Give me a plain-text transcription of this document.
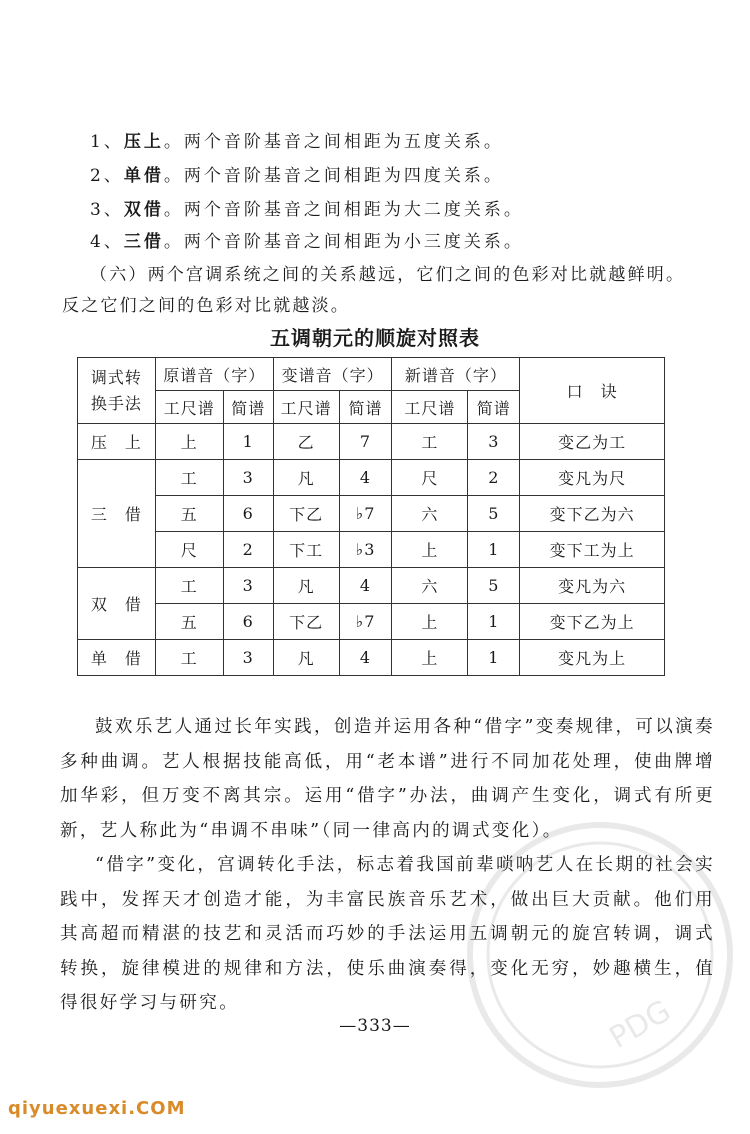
1、压上。两个音阶基音之间相距为五度关系。
2、单借。两个音阶基音之间相距为四度关系。
3、双借。两个音阶基音之间相距为大二度关系。
4、三借。两个音阶基音之间相距为小三度关系。
（六）两个宫调系统之间的关系越远，它们之间的色彩对比就越鲜明。
反之它们之间的色彩对比就越淡。
五调朝元的顺旋对照表
调式转换手法	原谱音（字）		变谱音（字）		新谱音（字）		口　诀
	工尺谱	简谱	工尺谱	简谱	工尺谱	简谱	
压　上	上	1	乙	7	工	3	变乙为工
三　借	工	3	凡	4	尺	2	变凡为尺
	五	6	下乙	♭7	六	5	变下乙为六
	尺	2	下工	♭3	上	1	变下工为上
双　借	工	3	凡	4	六	5	变凡为六
	五	6	下乙	♭7	上	1	变下乙为上
单　借	工	3	凡	4	上	1	变凡为上
鼓欢乐艺人通过长年实践，创造并运用各种“借字”变奏规律，可以演奏多种曲调。艺人根据技能高低，用“老本谱”进行不同加花处理，使曲牌增加华彩，但万变不离其宗。运用“借字”办法，曲调产生变化，调式有所更新，艺人称此为“串调不串味”（同一律高内的调式变化）。
“借字”变化，宫调转化手法，标志着我国前辈唢呐艺人在长期的社会实践中，发挥天才创造才能，为丰富民族音乐艺术，做出巨大贡献。他们用其高超而精湛的技艺和灵活而巧妙的手法运用五调朝元的旋宫转调，调式转换，旋律模进的规律和方法，使乐曲演奏得，变化无穷，妙趣横生，值得很好学习与研究。
—333—	PDG
qiyuexuexi.COM
